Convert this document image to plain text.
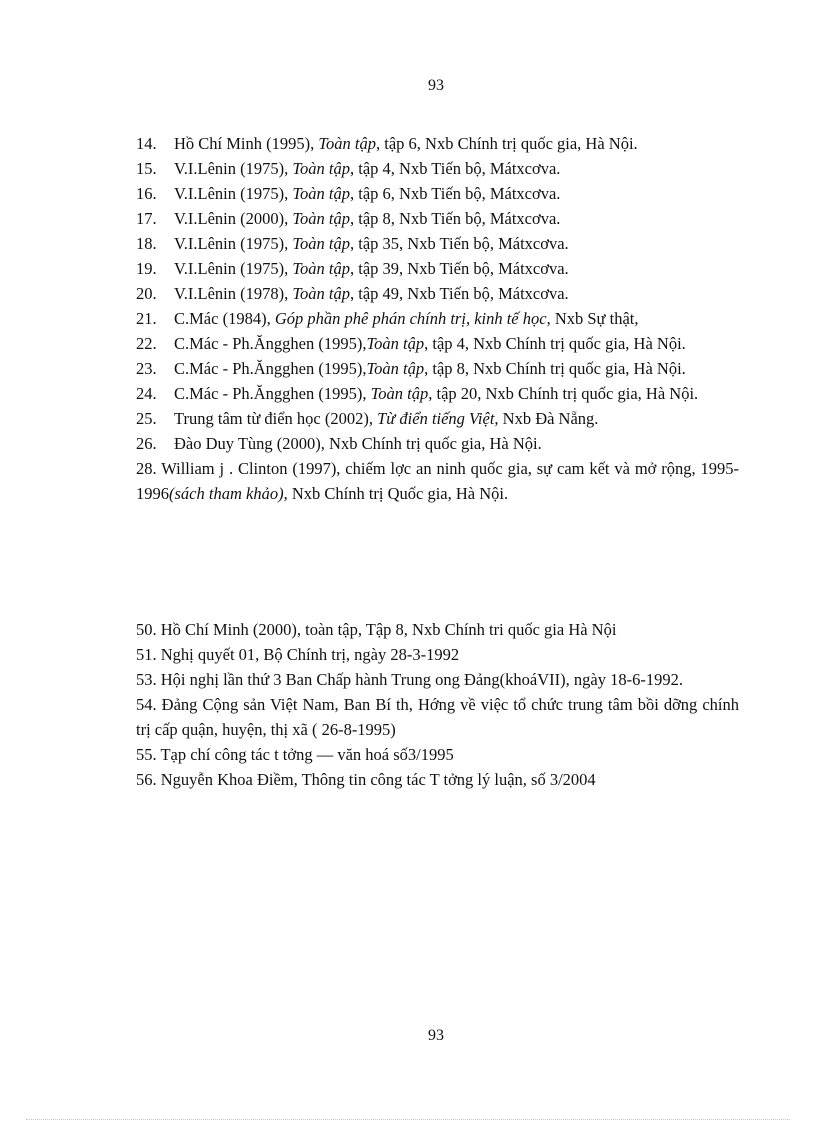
93

14. Hồ Chí Minh (1995), Toàn tập, tập 6, Nxb Chính trị quốc gia, Hà Nội.

15. V.I.Lênin (1975), Toàn tập, tập 4, Nxb Tiến bộ, Mátxcơva.

16. V.I.Lênin (1975), Toàn tập, tập 6, Nxb Tiến bộ, Mátxcơva.

17. V.I.Lênin (2000), Toàn tập, tập 8, Nxb Tiến bộ, Mátxcơva.

18. V.I.Lênin (1975), Toàn tập, tập 35, Nxb Tiến bộ, Mátxcơva.

19. V.I.Lênin (1975), Toàn tập, tập 39, Nxb Tiến bộ, Mátxcơva.

20. V.I.Lênin (1978), Toàn tập, tập 49, Nxb Tiến bộ, Mátxcơva.

21. C.Mác (1984), Góp phần phê phán chính trị, kinh tế học, Nxb Sự thật,

22. C.Mác - Ph.Ăngghen (1995),Toàn tập, tập 4, Nxb Chính trị quốc gia, Hà Nội.

23. C.Mác - Ph.Ăngghen (1995),Toàn tập, tập 8, Nxb Chính trị quốc gia, Hà Nội.

24. C.Mác - Ph.Ăngghen (1995), Toàn tập, tập 20, Nxb Chính trị quốc gia, Hà Nội.

25. Trung tâm từ điển học (2002), Từ điển tiếng Việt, Nxb Đà Nẵng.

26. Đào Duy Tùng (2000), Nxb Chính trị quốc gia, Hà Nội.

28. William j . Clinton (1997), chiếm lợc an ninh quốc gia, sự cam kết và mở rộng, 1995-1996(sách tham khảo), Nxb Chính trị Quốc gia, Hà Nội.

50. Hồ Chí Minh (2000), toàn tập, Tập 8, Nxb Chính tri quốc gia Hà Nội

51. Nghị quyết 01, Bộ Chính trị, ngày 28-3-1992

53. Hội nghị lần thứ 3 Ban Chấp hành Trung ong Đảng(khoáVII), ngày 18-6-1992.

54. Đảng Cộng sản Việt Nam, Ban Bí th, Hớng về việc tổ chức trung tâm bồi dỡng chính trị cấp quận, huyện, thị xã ( 26-8-1995)

55. Tạp chí công tác t tởng — văn hoá số3/1995

56. Nguyễn Khoa Điềm, Thông tin công tác T tởng lý luận, số 3/2004

93
